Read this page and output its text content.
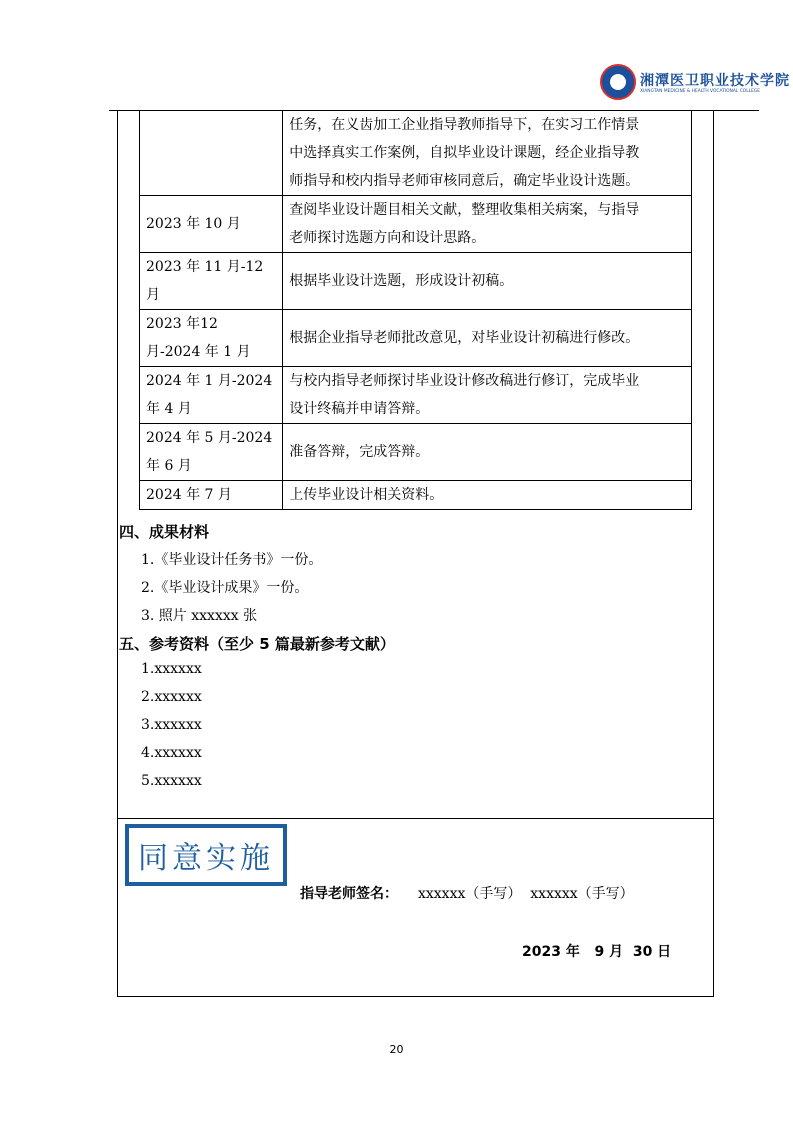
湘潭医卫职业技术学院
XIANGTAN MEDICINE & HEALTH VOCATIONAL COLLEGE

	任务，在义齿加工企业指导教师指导下，在实习工作情景
中选择真实工作案例，自拟毕业设计课题，经企业指导教
师指导和校内指导老师审核同意后，确定毕业设计选题。

2023 年 10 月	查阅毕业设计题目相关文献，整理收集相关病案，与指导
老师探讨选题方向和设计思路。

2023 年 11 月-12 月	根据毕业设计选题，形成设计初稿。

2023 年12 月-2024 年 1 月	根据企业指导老师批改意见，对毕业设计初稿进行修改。

2024 年 1 月-2024 年 4 月	与校内指导老师探讨毕业设计修改稿进行修订，完成毕业
设计终稿并申请答辩。

2024 年 5 月-2024 年 6 月	准备答辩，完成答辩。

2024 年 7 月	上传毕业设计相关资料。
四、成果材料
1.《毕业设计任务书》一份。
2.《毕业设计成果》一份。
3. 照片 xxxxxx 张
五、参考资料（至少 5 篇最新参考文献）
1.xxxxxx
2.xxxxxx
3.xxxxxx
4.xxxxxx
5.xxxxxx
同意实施
指导老师签名： xxxxxx（手写）  xxxxxx（手写）
2023 年   9 月  30 日
20
